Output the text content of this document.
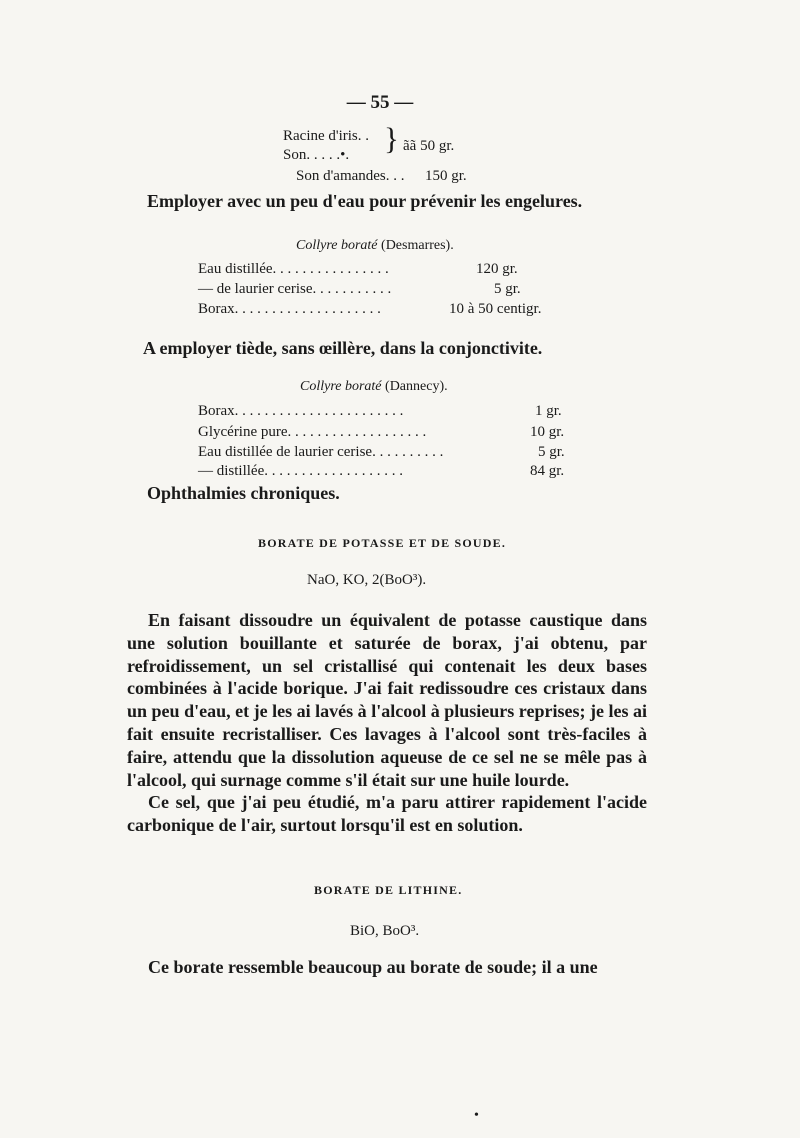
— 55 —
Racine d'iris. .
Son. . . . .•. } ãã 50 gr.
Son d'amandes. . . 150 gr.
Employer avec un peu d'eau pour prévenir les engelures.
Collyre boraté (Desmarres).
Eau distillée. . . . . . . . . . . . . . . .	120 gr.
— de laurier cerise. . . . . . . . . . .	5 gr.
Borax. . . . . . . . . . . . . . . . . . . .	10 à 50 centigr.
A employer tiède, sans œillère, dans la conjonctivite.
Collyre boraté (Dannecy).
Borax. . . . . . . . . . . . . . . . . . . . . . .	1 gr.
Glycérine pure. . . . . . . . . . . . . . . . . . .	10 gr.
Eau distillée de laurier cerise. . . . . . . . . .	5 gr.
— distillée. . . . . . . . . . . . . . . . . . .	84 gr.
Ophthalmies chroniques.
BORATE DE POTASSE ET DE SOUDE.
NaO, KO, 2(BoO³).

En faisant dissoudre un équivalent de potasse caustique dans une solution bouillante et saturée de borax, j'ai obtenu, par refroidissement, un sel cristallisé qui contenait les deux bases combinées à l'acide borique. J'ai fait redissoudre ces cristaux dans un peu d'eau, et je les ai lavés à l'alcool à plusieurs reprises; je les ai fait ensuite recristalliser. Ces lavages à l'alcool sont très-faciles à faire, attendu que la dissolution aqueuse de ce sel ne se mêle pas à l'alcool, qui surnage comme s'il était sur une huile lourde.

Ce sel, que j'ai peu étudié, m'a paru attirer rapidement l'acide carbonique de l'air, surtout lorsqu'il est en solution.

BORATE DE LITHINE.
BiO, BoO³.
Ce borate ressemble beaucoup au borate de soude; il a une
•
